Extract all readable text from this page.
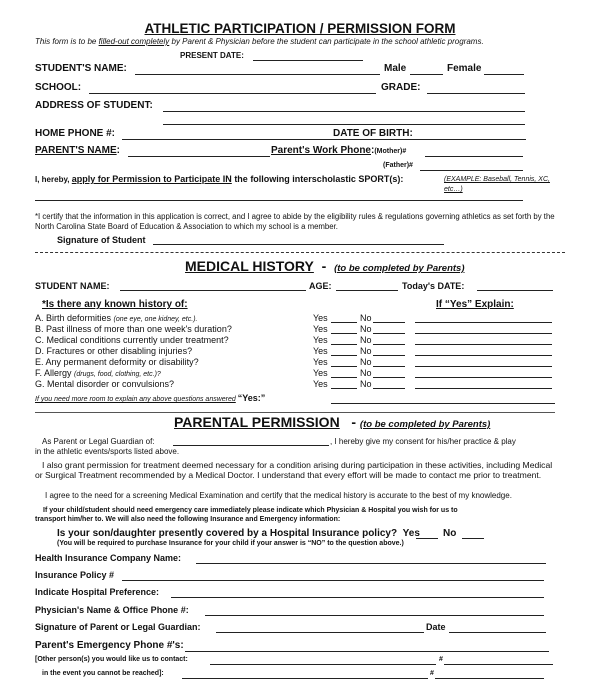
ATHLETIC PARTICIPATION / PERMISSION FORM
This form is to be filled-out completely by Parent & Physician before the student can participate in the school athletic programs.
PRESENT DATE:
STUDENT'S NAME:	Male	Female
SCHOOL:	GRADE:
ADDRESS OF STUDENT:
HOME PHONE #:	DATE OF BIRTH:
PARENT'S NAME:	Parent's Work Phone:(Mother)#
(Father)#
I, hereby, apply for Permission to Participate IN the following interscholastic SPORT(s):	(EXAMPLE: Baseball, Tennis, XC, etc…)
*I certify that the information in this application is correct, and I agree to abide by the eligibility rules & regulations governing athletics as set forth by the North Carolina State Board of Education & Association to which my school is a member.
Signature of Student
MEDICAL HISTORY - (to be completed by Parents)
STUDENT NAME:	AGE:	Today's DATE:
*Is there any known history of:	If “Yes” Explain:
A. Birth deformities (one eye, one kidney, etc.).	Yes	No
B. Past illness of more than one week's duration?	Yes	No
C. Medical conditions currently under treatment?	Yes	No
D. Fractures or other disabling injuries?	Yes	No
E. Any permanent deformity or disability?	Yes	No
F. Allergy (drugs, food, clothing, etc.)?	Yes	No
G. Mental disorder or convulsions?	Yes	No
If you need more room to explain any above questions answered “Yes:”
PARENTAL PERMISSION - (to be completed by Parents)
As Parent or Legal Guardian of:	, I hereby give my consent for his/her practice & play
in the athletic events/sports listed above.
I also grant permission for treatment deemed necessary for a condition arising during participation in these activities, including Medical or Surgical Treatment recommended by a Medical Doctor. I understand that every effort will be made to contact me prior to treatment.
I agree to the need for a screening Medical Examination and certify that the medical history is accurate to the best of my knowledge.
If your child/student should need emergency care immediately please indicate which Physician & Hospital you wish for us to
transport him/her to. We will also need the following Insurance and Emergency information:
Is your son/daughter presently covered by a Hospital Insurance policy? Yes No
(You will be required to purchase Insurance for your child if your answer is “NO” to the question above.)
Health Insurance Company Name:
Insurance Policy #
Indicate Hospital Preference:
Physician's Name & Office Phone #:
Signature of Parent or Legal Guardian:	Date
Parent's Emergency Phone #'s:
[Other person(s) you would like us to contact:	#
in the event you cannot be reached]:	#
